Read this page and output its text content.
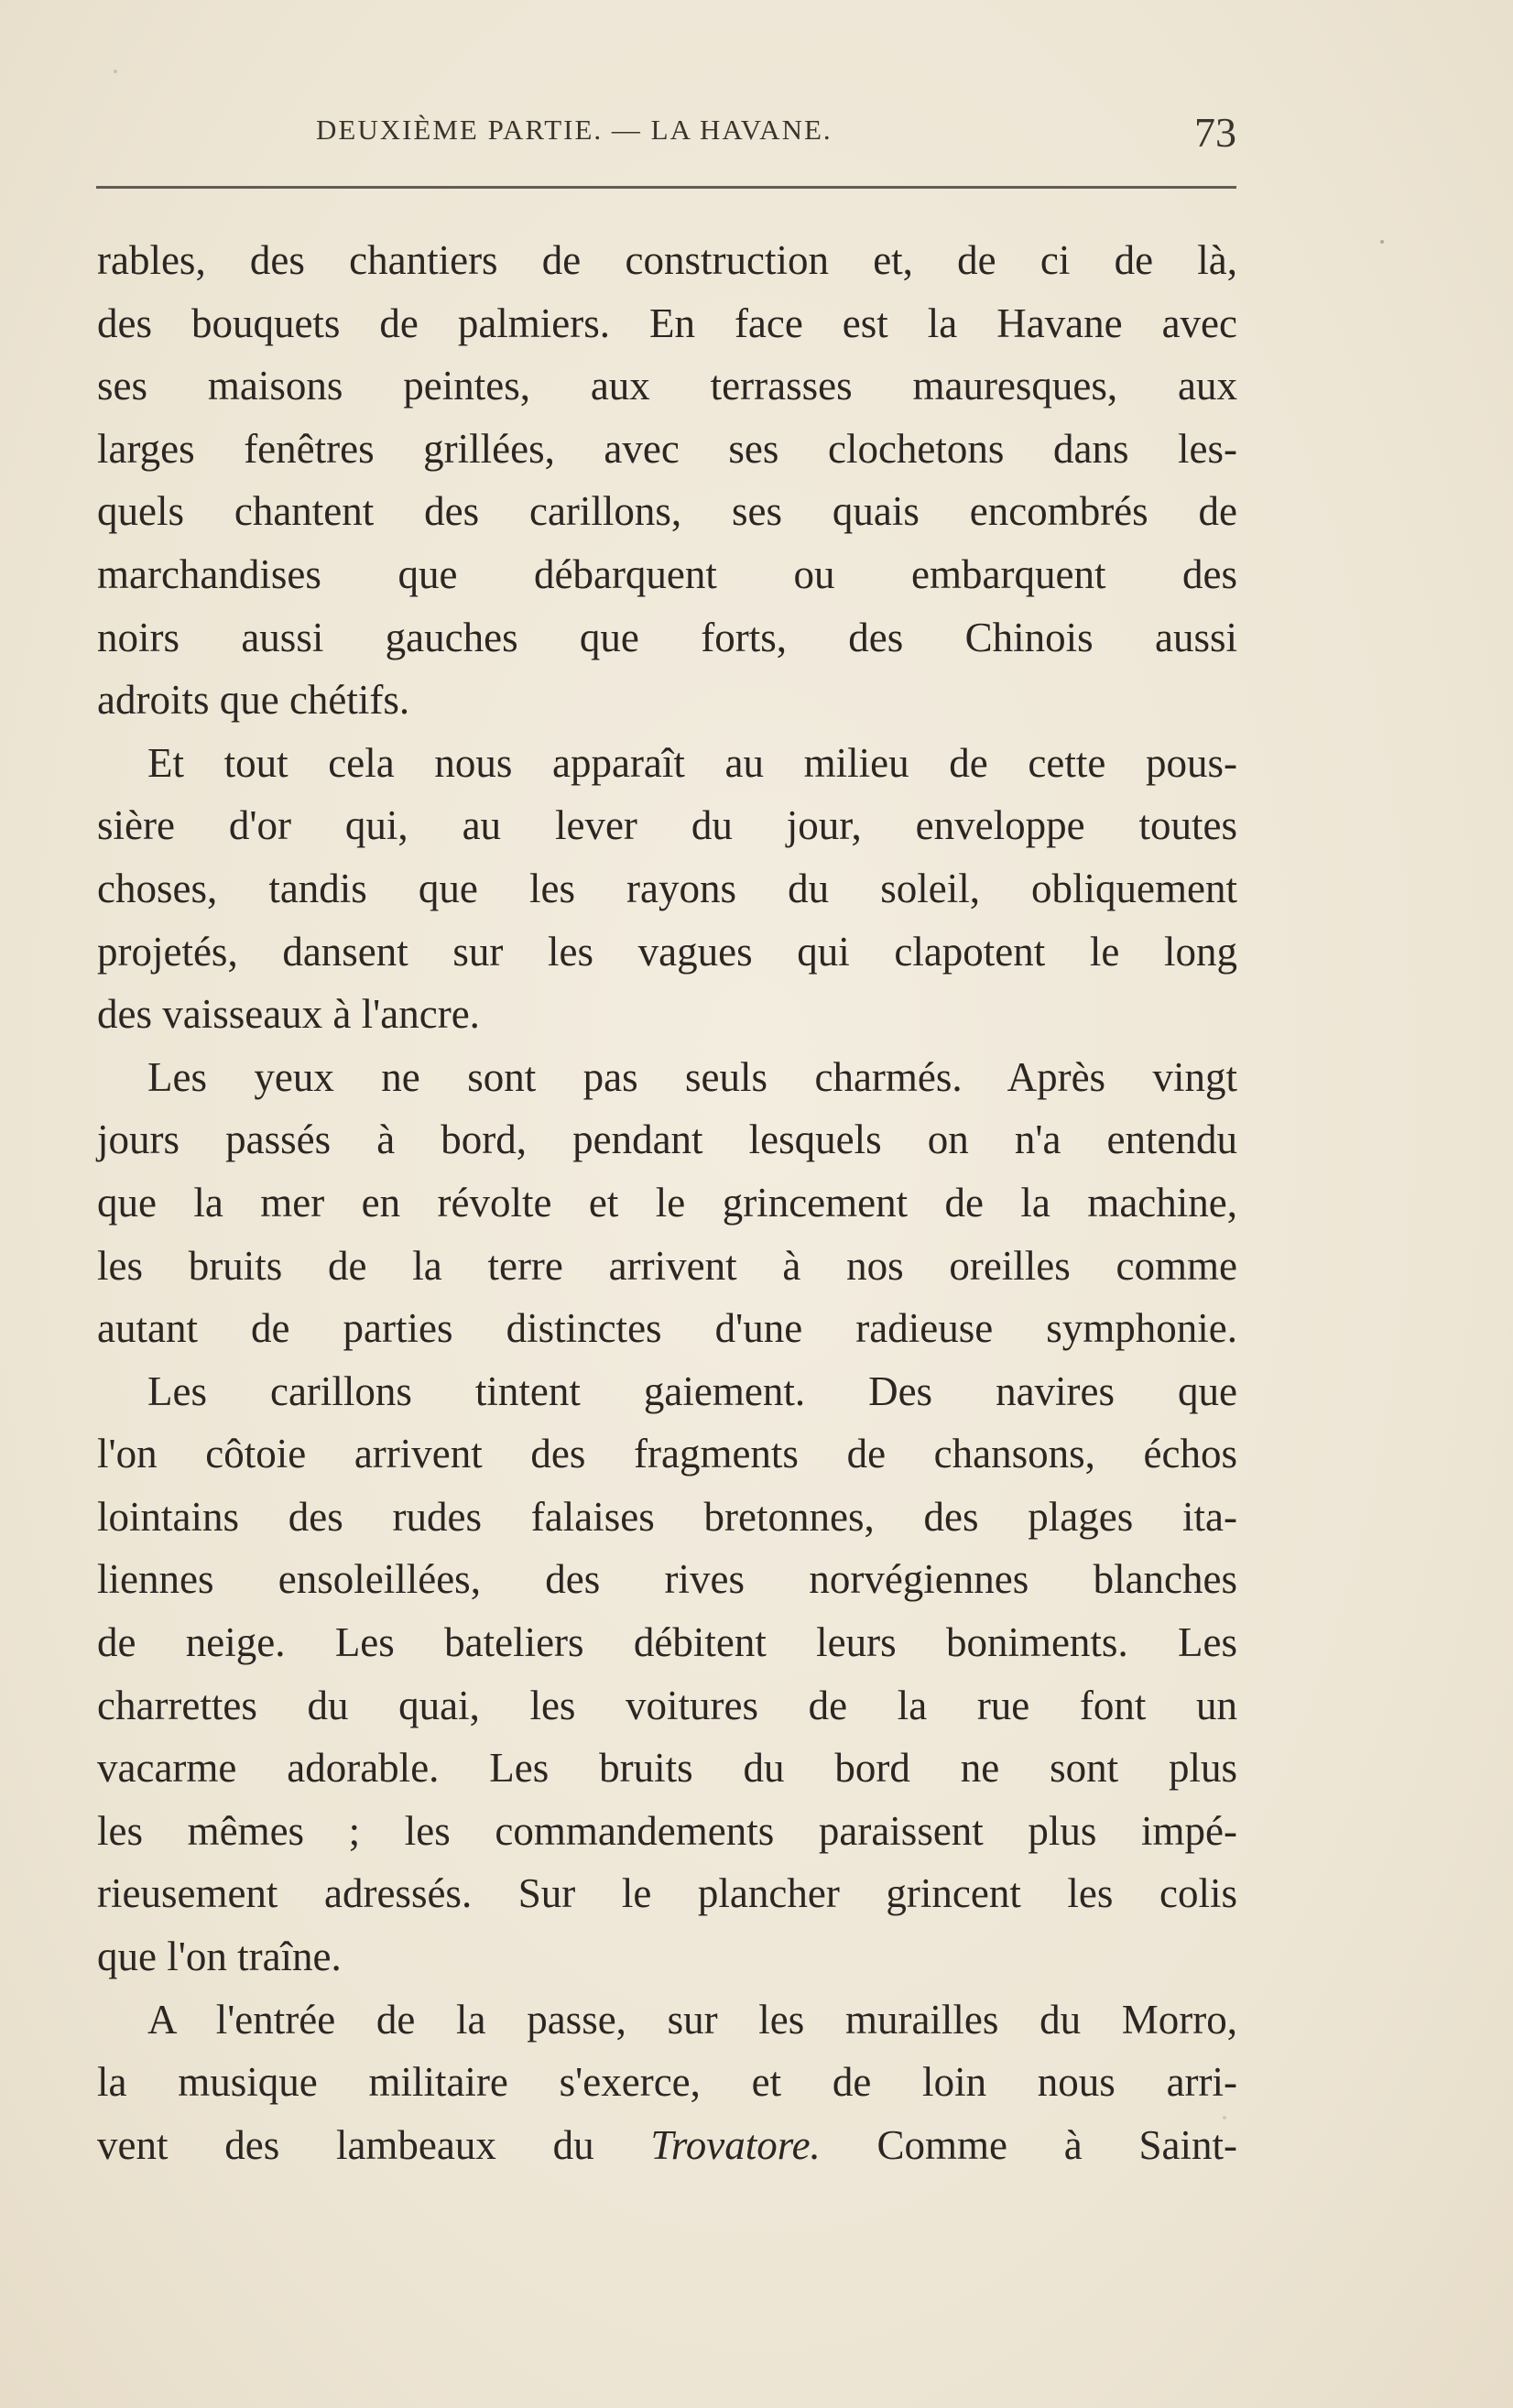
DEUXIÈME PARTIE. — LA HAVANE.	73
rables, des chantiers de construction et, de ci de là,
des bouquets de palmiers. En face est la Havane avec
ses maisons peintes, aux terrasses mauresques, aux
larges fenêtres grillées, avec ses clochetons dans les-
quels chantent des carillons, ses quais encombrés de
marchandises que débarquent ou embarquent des
noirs aussi gauches que forts, des Chinois aussi
adroits que chétifs.
Et tout cela nous apparaît au milieu de cette pous-
sière d'or qui, au lever du jour, enveloppe toutes
choses, tandis que les rayons du soleil, obliquement
projetés, dansent sur les vagues qui clapotent le long
des vaisseaux à l'ancre.
Les yeux ne sont pas seuls charmés. Après vingt
jours passés à bord, pendant lesquels on n'a entendu
que la mer en révolte et le grincement de la machine,
les bruits de la terre arrivent à nos oreilles comme
autant de parties distinctes d'une radieuse symphonie.
Les carillons tintent gaiement. Des navires que
l'on côtoie arrivent des fragments de chansons, échos
lointains des rudes falaises bretonnes, des plages ita-
liennes ensoleillées, des rives norvégiennes blanches
de neige. Les bateliers débitent leurs boniments. Les
charrettes du quai, les voitures de la rue font un
vacarme adorable. Les bruits du bord ne sont plus
les mêmes ; les commandements paraissent plus impé-
rieusement adressés. Sur le plancher grincent les colis
que l'on traîne.
A l'entrée de la passe, sur les murailles du Morro,
la musique militaire s'exerce, et de loin nous arri-
vent des lambeaux du Trovatore. Comme à Saint-
